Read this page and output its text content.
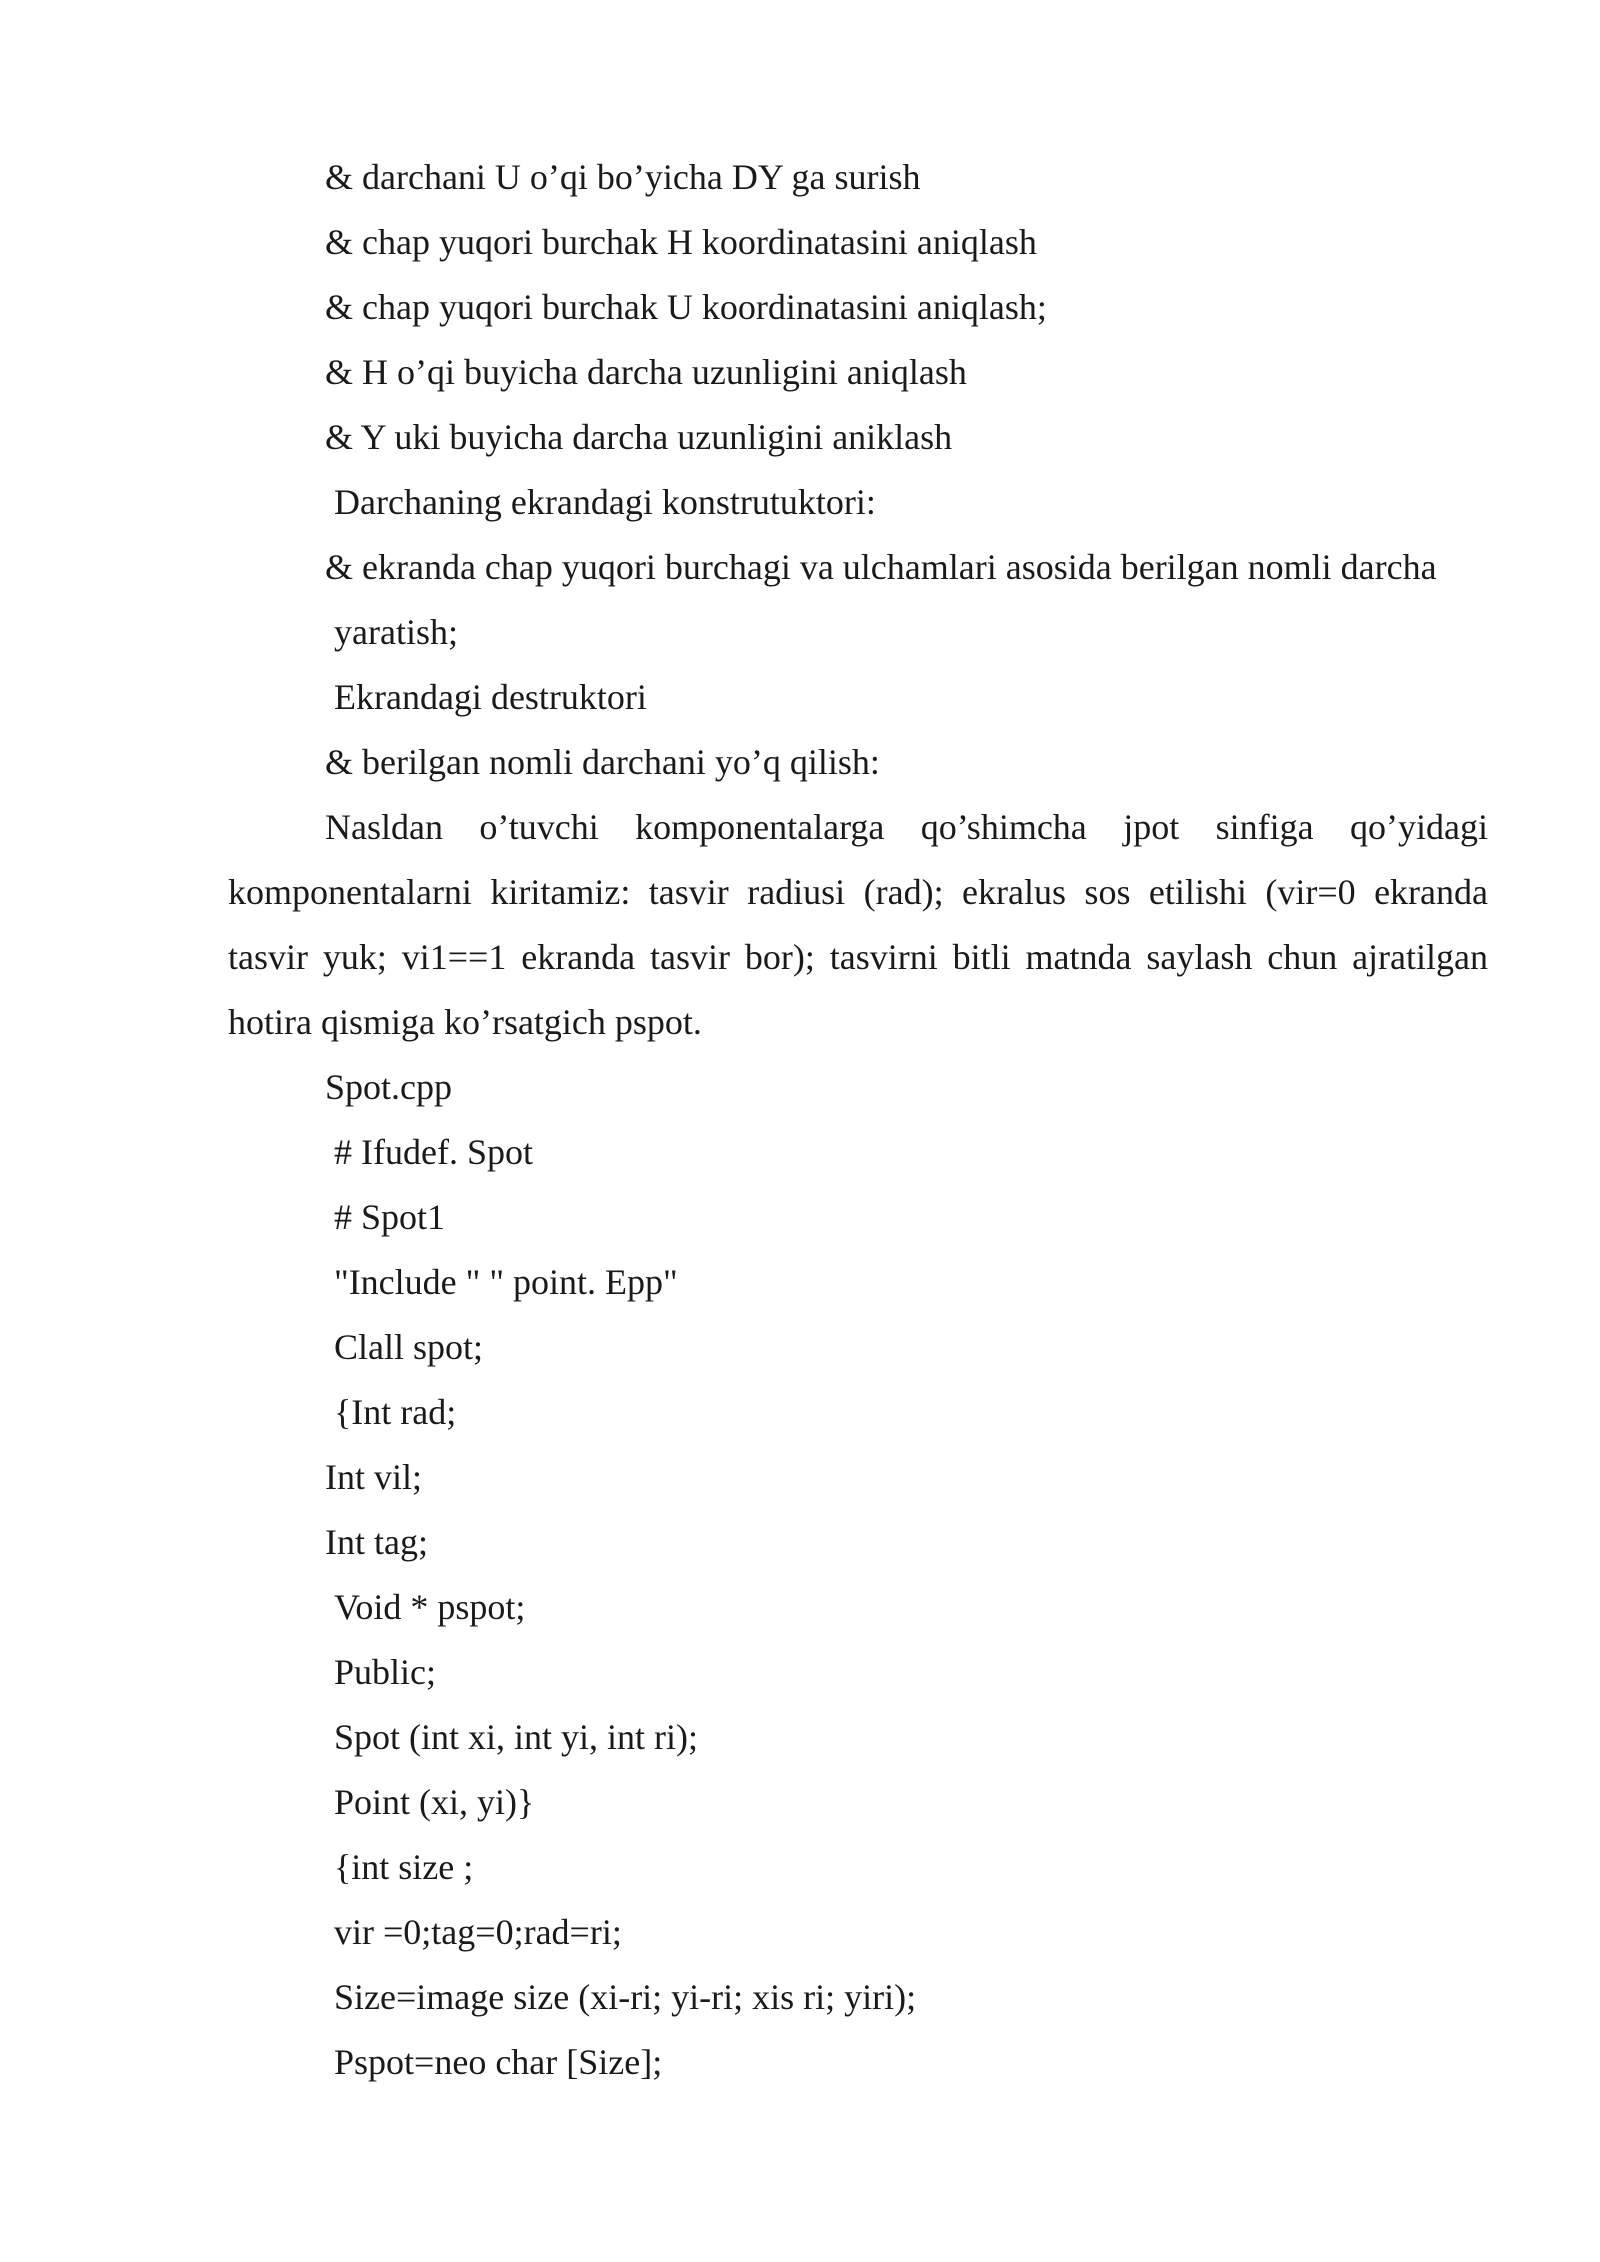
& darchani U o’qi bo’yicha DY ga surish
& chap yuqori burchak H koordinatasini aniqlash
& chap yuqori burchak U koordinatasini aniqlash;
& H o’qi buyicha darcha uzunligini aniqlash
& Y uki buyicha darcha uzunligini aniklash
Darchaning ekrandagi konstrutuktori:
& ekranda chap yuqori burchagi va ulchamlari asosida berilgan nomli darcha
yaratish;
Ekrandagi destruktori
& berilgan nomli darchani yo’q qilish:
Nasldan o’tuvchi komponentalarga qo’shimcha jpot sinfiga qo’yidagi komponentalarni kiritamiz: tasvir radiusi (rad); ekralus sos etilishi (vir=0 ekranda tasvir yuk; vi1==1 ekranda tasvir bor); tasvirni bitli matnda saylash chun ajratilgan hotira qismiga ko’rsatgich pspot.
Spot.cpp
# Ifudef. Spot
# Spot1
"Include " " point. Epp"
Clall spot;
{Int rad;
Int vil;
Int tag;
Void * pspot;
Public;
Spot (int xi, int yi, int ri);
Point (xi, yi)}
{int size ;
vir =0;tag=0;rad=ri;
Size=image size (xi-ri; yi-ri; xis ri; yiri);
Pspot=neo char [Size];
